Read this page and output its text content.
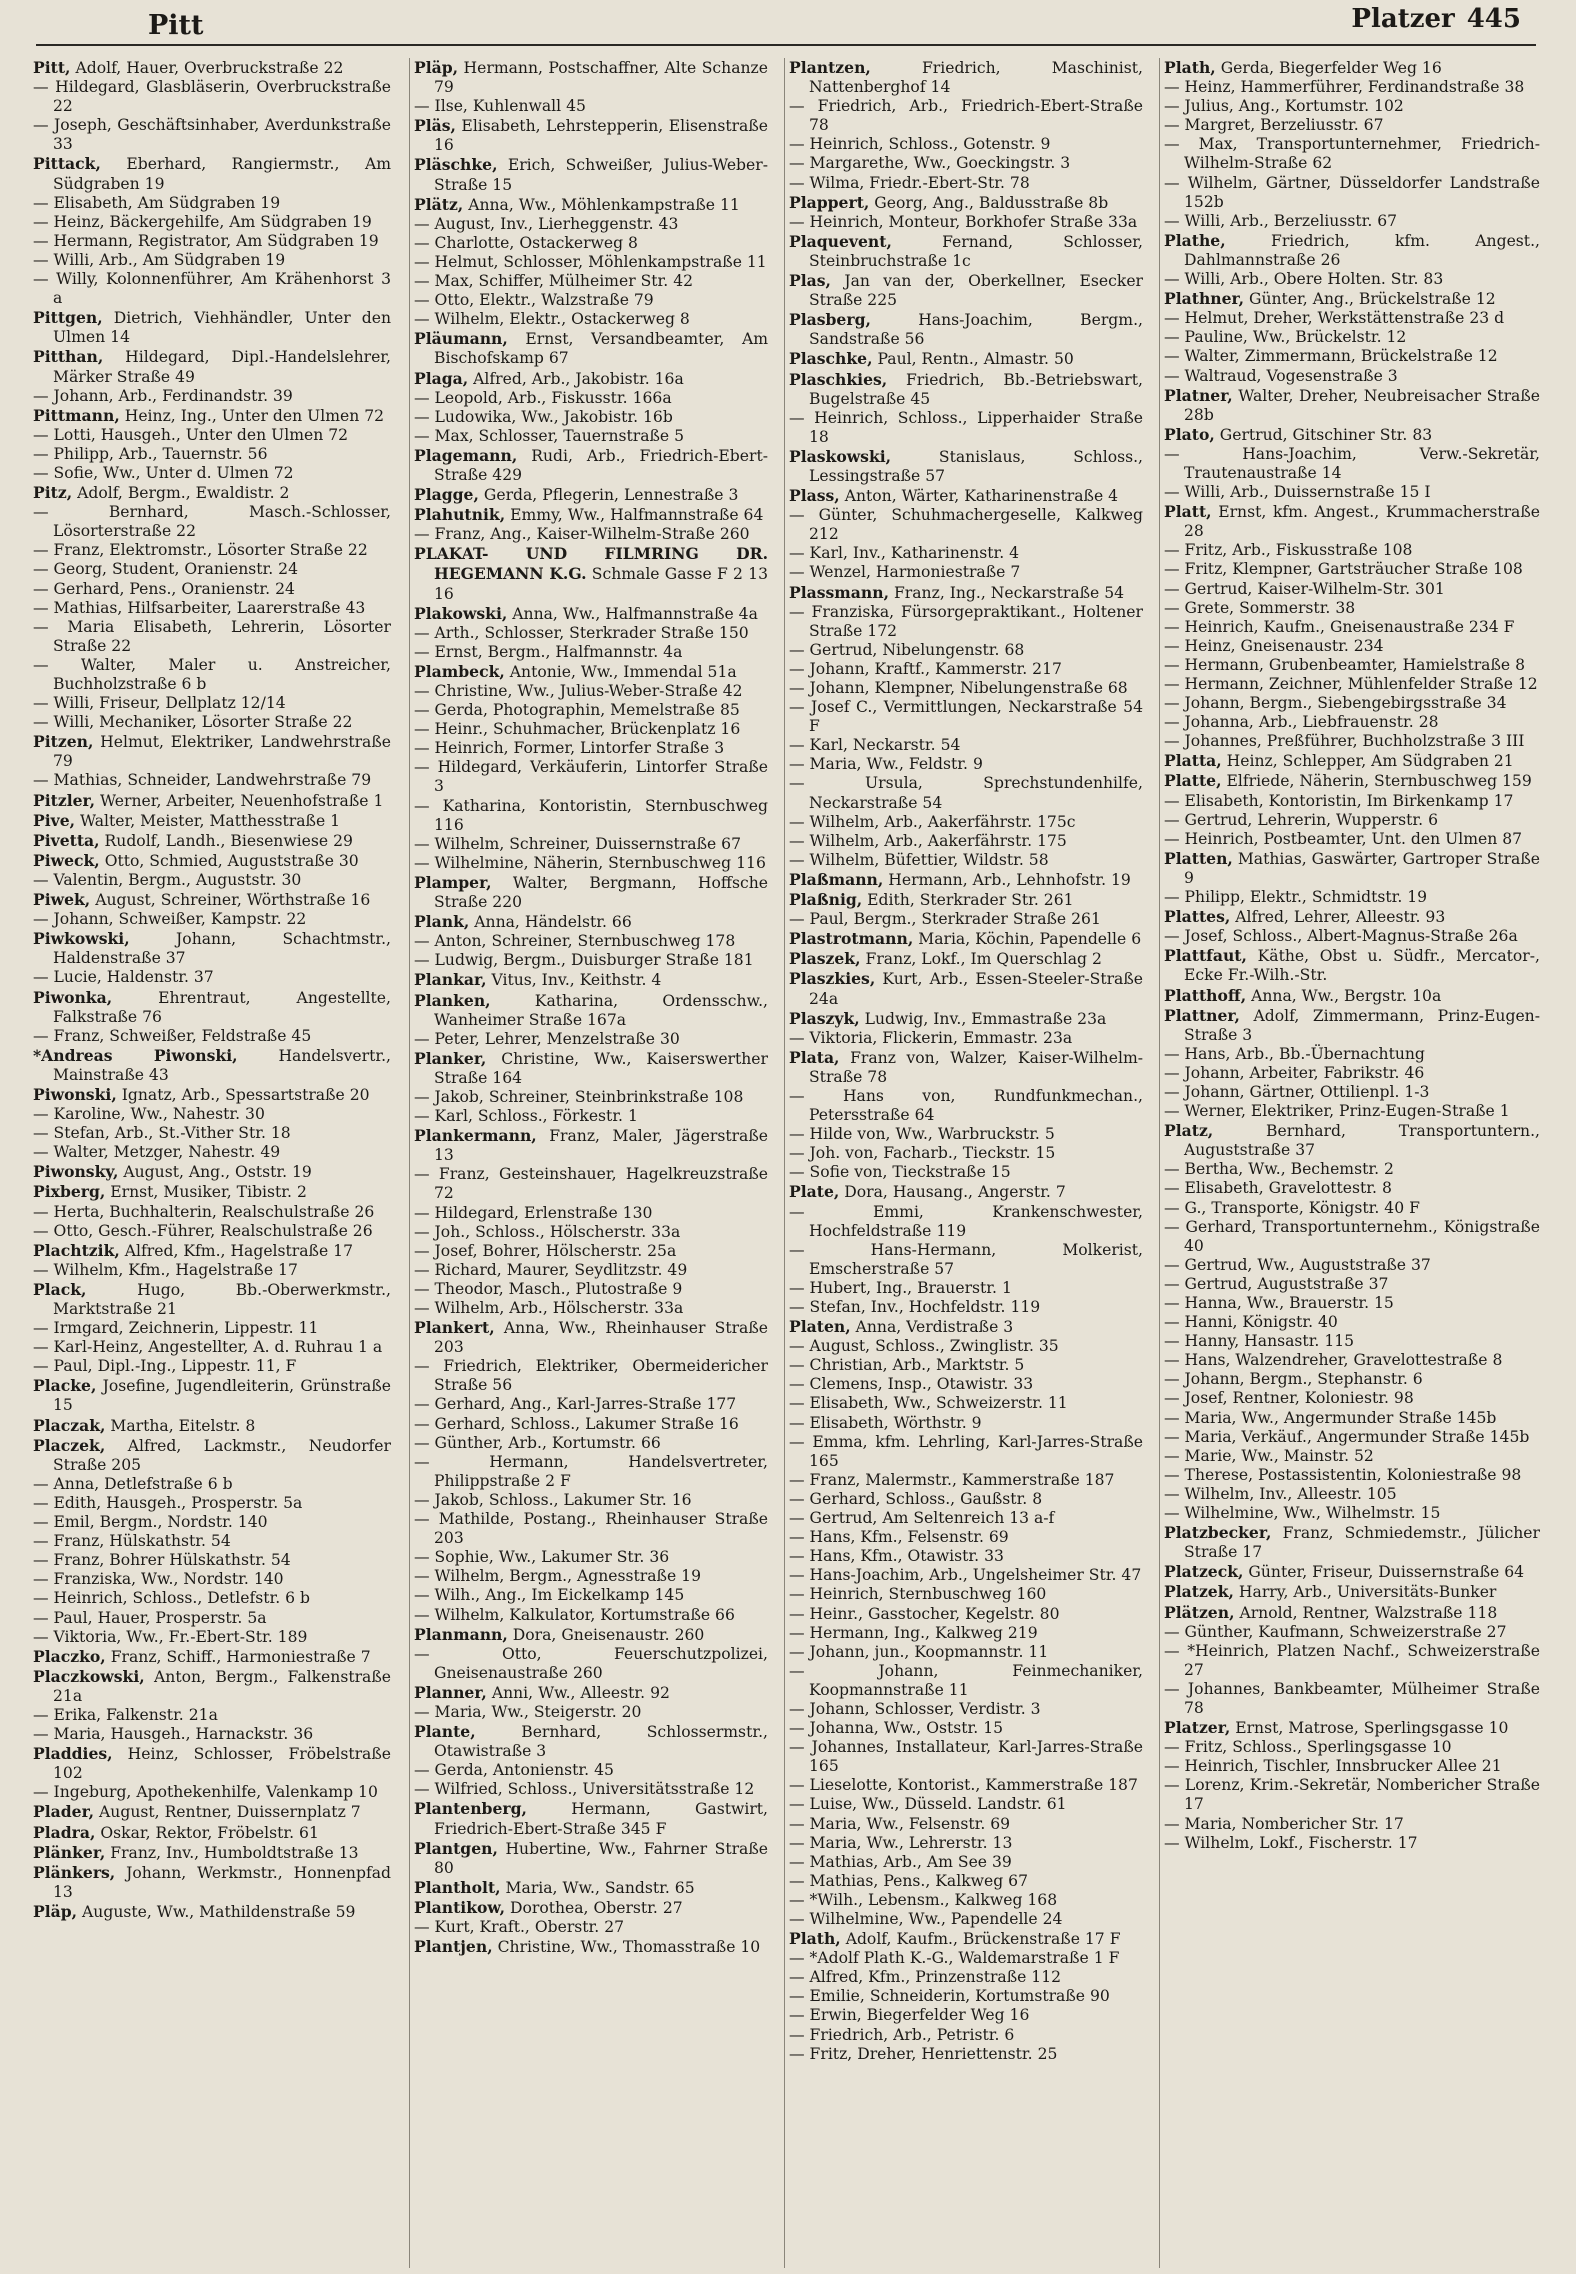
Pitt	Platzer 445

Pitt, Adolf, Hauer, Overbruckstraße 22

— Hildegard, Glasbläserin, Overbruckstraße 22

— Joseph, Geschäftsinhaber, Averdunkstraße 33

Pittack, Eberhard, Rangiermstr., Am Südgraben 19

— Elisabeth, Am Südgraben 19

— Heinz, Bäckergehilfe, Am Südgraben 19

— Hermann, Registrator, Am Südgraben 19

— Willi, Arb., Am Südgraben 19

— Willy, Kolonnenführer, Am Krähenhorst 3 a

Pittgen, Dietrich, Viehhändler, Unter den Ulmen 14

Pitthan, Hildegard, Dipl.-Handelslehrer, Märker Straße 49

— Johann, Arb., Ferdinandstr. 39

Pittmann, Heinz, Ing., Unter den Ulmen 72

— Lotti, Hausgeh., Unter den Ulmen 72

— Philipp, Arb., Tauernstr. 56

— Sofie, Ww., Unter d. Ulmen 72

Pitz, Adolf, Bergm., Ewaldistr. 2

— Bernhard, Masch.-Schlosser, Lösorterstraße 22

— Franz, Elektromstr., Lösorter Straße 22

— Georg, Student, Oranienstr. 24

— Gerhard, Pens., Oranienstr. 24

— Mathias, Hilfsarbeiter, Laarerstraße 43

— Maria Elisabeth, Lehrerin, Lösorter Straße 22

— Walter, Maler u. Anstreicher, Buchholzstraße 6 b

— Willi, Friseur, Dellplatz 12/14

— Willi, Mechaniker, Lösorter Straße 22

Pitzen, Helmut, Elektriker, Landwehrstraße 79

— Mathias, Schneider, Landwehrstraße 79

Pitzler, Werner, Arbeiter, Neuenhofstraße 1

Pive, Walter, Meister, Matthesstraße 1

Pivetta, Rudolf, Landh., Biesenwiese 29

Piweck, Otto, Schmied, Auguststraße 30

— Valentin, Bergm., Auguststr. 30

Piwek, August, Schreiner, Wörthstraße 16

— Johann, Schweißer, Kampstr. 22

Piwkowski, Johann, Schachtmstr., Haldenstraße 37

— Lucie, Haldenstr. 37

Piwonka, Ehrentraut, Angestellte, Falkstraße 76

— Franz, Schweißer, Feldstraße 45

*Andreas Piwonski, Handelsvertr., Mainstraße 43

Piwonski, Ignatz, Arb., Spessartstraße 20

— Karoline, Ww., Nahestr. 30

— Stefan, Arb., St.-Vither Str. 18

— Walter, Metzger, Nahestr. 49

Piwonsky, August, Ang., Oststr. 19

Pixberg, Ernst, Musiker, Tibistr. 2

— Herta, Buchhalterin, Realschulstraße 26

— Otto, Gesch.-Führer, Realschulstraße 26

Plachtzik, Alfred, Kfm., Hagelstraße 17

— Wilhelm, Kfm., Hagelstraße 17

Plack, Hugo, Bb.-Oberwerkmstr., Marktstraße 21

— Irmgard, Zeichnerin, Lippestr. 11

— Karl-Heinz, Angestellter, A. d. Ruhrau 1 a

— Paul, Dipl.-Ing., Lippestr. 11, F

Placke, Josefine, Jugendleiterin, Grünstraße 15

Placzak, Martha, Eitelstr. 8

Placzek, Alfred, Lackmstr., Neudorfer Straße 205

— Anna, Detlefstraße 6 b

— Edith, Hausgeh., Prosperstr. 5a

— Emil, Bergm., Nordstr. 140

— Franz, Hülskathstr. 54

— Franz, Bohrer Hülskathstr. 54

— Franziska, Ww., Nordstr. 140

— Heinrich, Schloss., Detlefstr. 6 b

— Paul, Hauer, Prosperstr. 5a

— Viktoria, Ww., Fr.-Ebert-Str. 189

Placzko, Franz, Schiff., Harmoniestraße 7

Placzkowski, Anton, Bergm., Falkenstraße 21a

— Erika, Falkenstr. 21a

— Maria, Hausgeh., Harnackstr. 36

Pladdies, Heinz, Schlosser, Fröbelstraße 102

— Ingeburg, Apothekenhilfe, Valenkamp 10

Plader, August, Rentner, Duissernplatz 7

Pladra, Oskar, Rektor, Fröbelstr. 61

Plänker, Franz, Inv., Humboldtstraße 13

Plänkers, Johann, Werkmstr., Honnenpfad 13

Pläp, Auguste, Ww., Mathildenstraße 59

Pläp, Hermann, Postschaffner, Alte Schanze 79

— Ilse, Kuhlenwall 45

Pläs, Elisabeth, Lehrstepperin, Elisenstraße 16

Pläschke, Erich, Schweißer, Julius-Weber-Straße 15

Plätz, Anna, Ww., Möhlenkampstraße 11

— August, Inv., Lierheggenstr. 43

— Charlotte, Ostackerweg 8

— Helmut, Schlosser, Möhlenkampstraße 11

— Max, Schiffer, Mülheimer Str. 42

— Otto, Elektr., Walzstraße 79

— Wilhelm, Elektr., Ostackerweg 8

Pläumann, Ernst, Versandbeamter, Am Bischofskamp 67

Plaga, Alfred, Arb., Jakobistr. 16a

— Leopold, Arb., Fiskusstr. 166a

— Ludowika, Ww., Jakobistr. 16b

— Max, Schlosser, Tauernstraße 5

Plagemann, Rudi, Arb., Friedrich-Ebert-Straße 429

Plagge, Gerda, Pflegerin, Lennestraße 3

Plahutnik, Emmy, Ww., Halfmannstraße 64

— Franz, Ang., Kaiser-Wilhelm-Straße 260

PLAKAT- UND FILMRING DR. HEGEMANN K.G. Schmale Gasse F 2 13 16

Plakowski, Anna, Ww., Halfmannstraße 4a

— Arth., Schlosser, Sterkrader Straße 150

— Ernst, Bergm., Halfmannstr. 4a

Plambeck, Antonie, Ww., Immendal 51a

— Christine, Ww., Julius-Weber-Straße 42

— Gerda, Photographin, Memelstraße 85

— Heinr., Schuhmacher, Brückenplatz 16

— Heinrich, Former, Lintorfer Straße 3

— Hildegard, Verkäuferin, Lintorfer Straße 3

— Katharina, Kontoristin, Sternbuschweg 116

— Wilhelm, Schreiner, Duissernstraße 67

— Wilhelmine, Näherin, Sternbuschweg 116

Plamper, Walter, Bergmann, Hoffsche Straße 220

Plank, Anna, Händelstr. 66

— Anton, Schreiner, Sternbuschweg 178

— Ludwig, Bergm., Duisburger Straße 181

Plankar, Vitus, Inv., Keithstr. 4

Planken, Katharina, Ordensschw., Wanheimer Straße 167a

— Peter, Lehrer, Menzelstraße 30

Planker, Christine, Ww., Kaiserswerther Straße 164

— Jakob, Schreiner, Steinbrinkstraße 108

— Karl, Schloss., Förkestr. 1

Plankermann, Franz, Maler, Jägerstraße 13

— Franz, Gesteinshauer, Hagelkreuzstraße 72

— Hildegard, Erlenstraße 130

— Joh., Schloss., Hölscherstr. 33a

— Josef, Bohrer, Hölscherstr. 25a

— Richard, Maurer, Seydlitzstr. 49

— Theodor, Masch., Plutostraße 9

— Wilhelm, Arb., Hölscherstr. 33a

Plankert, Anna, Ww., Rheinhauser Straße 203

— Friedrich, Elektriker, Obermeidericher Straße 56

— Gerhard, Ang., Karl-Jarres-Straße 177

— Gerhard, Schloss., Lakumer Straße 16

— Günther, Arb., Kortumstr. 66

— Hermann, Handelsvertreter, Philippstraße 2 F

— Jakob, Schloss., Lakumer Str. 16

— Mathilde, Postang., Rheinhauser Straße 203

— Sophie, Ww., Lakumer Str. 36

— Wilhelm, Bergm., Agnesstraße 19

— Wilh., Ang., Im Eickelkamp 145

— Wilhelm, Kalkulator, Kortumstraße 66

Planmann, Dora, Gneisenaustr. 260

— Otto, Feuerschutzpolizei, Gneisenaustraße 260

Planner, Anni, Ww., Alleestr. 92

— Maria, Ww., Steigerstr. 20

Plante, Bernhard, Schlossermstr., Otawistraße 3

— Gerda, Antonienstr. 45

— Wilfried, Schloss., Universitätsstraße 12

Plantenberg, Hermann, Gastwirt, Friedrich-Ebert-Straße 345 F

Plantgen, Hubertine, Ww., Fahrner Straße 80

Plantholt, Maria, Ww., Sandstr. 65

Plantikow, Dorothea, Oberstr. 27

— Kurt, Kraft., Oberstr. 27

Plantjen, Christine, Ww., Thomasstraße 10

Plantzen, Friedrich, Maschinist, Nattenberghof 14

— Friedrich, Arb., Friedrich-Ebert-Straße 78

— Heinrich, Schloss., Gotenstr. 9

— Margarethe, Ww., Goeckingstr. 3

— Wilma, Friedr.-Ebert-Str. 78

Plappert, Georg, Ang., Baldusstraße 8b

— Heinrich, Monteur, Borkhofer Straße 33a

Plaquevent, Fernand, Schlosser, Steinbruchstraße 1c

Plas, Jan van der, Oberkellner, Esecker Straße 225

Plasberg, Hans-Joachim, Bergm., Sandstraße 56

Plaschke, Paul, Rentn., Almastr. 50

Plaschkies, Friedrich, Bb.-Betriebswart, Bugelstraße 45

— Heinrich, Schloss., Lipperhaider Straße 18

Plaskowski, Stanislaus, Schloss., Lessingstraße 57

Plass, Anton, Wärter, Katharinenstraße 4

— Günter, Schuhmachergeselle, Kalkweg 212

— Karl, Inv., Katharinenstr. 4

— Wenzel, Harmoniestraße 7

Plassmann, Franz, Ing., Neckarstraße 54

— Franziska, Fürsorgepraktikant., Holtener Straße 172

— Gertrud, Nibelungenstr. 68

— Johann, Kraftf., Kammerstr. 217

— Johann, Klempner, Nibelungenstraße 68

— Josef C., Vermittlungen, Neckarstraße 54 F

— Karl, Neckarstr. 54

— Maria, Ww., Feldstr. 9

— Ursula, Sprechstundenhilfe, Neckarstraße 54

— Wilhelm, Arb., Aakerfährstr. 175c

— Wilhelm, Arb., Aakerfährstr. 175

— Wilhelm, Büfettier, Wildstr. 58

Plaßmann, Hermann, Arb., Lehnhofstr. 19

Plaßnig, Edith, Sterkrader Str. 261

— Paul, Bergm., Sterkrader Straße 261

Plastrotmann, Maria, Köchin, Papendelle 6

Plaszek, Franz, Lokf., Im Querschlag 2

Plaszkies, Kurt, Arb., Essen-Steeler-Straße 24a

Plaszyk, Ludwig, Inv., Emmastraße 23a

— Viktoria, Flickerin, Emmastr. 23a

Plata, Franz von, Walzer, Kaiser-Wilhelm-Straße 78

— Hans von, Rundfunkmechan., Petersstraße 64

— Hilde von, Ww., Warbruckstr. 5

— Joh. von, Facharb., Tieckstr. 15

— Sofie von, Tieckstraße 15

Plate, Dora, Hausang., Angerstr. 7

— Emmi, Krankenschwester, Hochfeldstraße 119

— Hans-Hermann, Molkerist, Emscherstraße 57

— Hubert, Ing., Brauerstr. 1

— Stefan, Inv., Hochfeldstr. 119

Platen, Anna, Verdistraße 3

— August, Schloss., Zwinglistr. 35

— Christian, Arb., Marktstr. 5

— Clemens, Insp., Otawistr. 33

— Elisabeth, Ww., Schweizerstr. 11

— Elisabeth, Wörthstr. 9

— Emma, kfm. Lehrling, Karl-Jarres-Straße 165

— Franz, Malermstr., Kammerstraße 187

— Gerhard, Schloss., Gaußstr. 8

— Gertrud, Am Seltenreich 13 a-f

— Hans, Kfm., Felsenstr. 69

— Hans, Kfm., Otawistr. 33

— Hans-Joachim, Arb., Ungelsheimer Str. 47

— Heinrich, Sternbuschweg 160

— Heinr., Gasstocher, Kegelstr. 80

— Hermann, Ing., Kalkweg 219

— Johann, jun., Koopmannstr. 11

— Johann, Feinmechaniker, Koopmannstraße 11

— Johann, Schlosser, Verdistr. 3

— Johanna, Ww., Oststr. 15

— Johannes, Installateur, Karl-Jarres-Straße 165

— Lieselotte, Kontorist., Kammerstraße 187

— Luise, Ww., Düsseld. Landstr. 61

— Maria, Ww., Felsenstr. 69

— Maria, Ww., Lehrerstr. 13

— Mathias, Arb., Am See 39

— Mathias, Pens., Kalkweg 67

— *Wilh., Lebensm., Kalkweg 168

— Wilhelmine, Ww., Papendelle 24

Plath, Adolf, Kaufm., Brückenstraße 17 F

— *Adolf Plath K.-G., Waldemarstraße 1 F

— Alfred, Kfm., Prinzenstraße 112

— Emilie, Schneiderin, Kortumstraße 90

— Erwin, Biegerfelder Weg 16

— Friedrich, Arb., Petristr. 6

— Fritz, Dreher, Henriettenstr. 25

Plath, Gerda, Biegerfelder Weg 16

— Heinz, Hammerführer, Ferdinandstraße 38

— Julius, Ang., Kortumstr. 102

— Margret, Berzeliusstr. 67

— Max, Transportunternehmer, Friedrich-Wilhelm-Straße 62

— Wilhelm, Gärtner, Düsseldorfer Landstraße 152b

— Willi, Arb., Berzeliusstr. 67

Plathe, Friedrich, kfm. Angest., Dahlmannstraße 26

— Willi, Arb., Obere Holten. Str. 83

Plathner, Günter, Ang., Brückelstraße 12

— Helmut, Dreher, Werkstättenstraße 23 d

— Pauline, Ww., Brückelstr. 12

— Walter, Zimmermann, Brückelstraße 12

— Waltraud, Vogesenstraße 3

Platner, Walter, Dreher, Neubreisacher Straße 28b

Plato, Gertrud, Gitschiner Str. 83

— Hans-Joachim, Verw.-Sekretär, Trautenaustraße 14

— Willi, Arb., Duissernstraße 15 I

Platt, Ernst, kfm. Angest., Krummacherstraße 28

— Fritz, Arb., Fiskusstraße 108

— Fritz, Klempner, Gartsträucher Straße 108

— Gertrud, Kaiser-Wilhelm-Str. 301

— Grete, Sommerstr. 38

— Heinrich, Kaufm., Gneisenaustraße 234 F

— Heinz, Gneisenaustr. 234

— Hermann, Grubenbeamter, Hamielstraße 8

— Hermann, Zeichner, Mühlenfelder Straße 12

— Johann, Bergm., Siebengebirgsstraße 34

— Johanna, Arb., Liebfrauenstr. 28

— Johannes, Preßführer, Buchholzstraße 3 III

Platta, Heinz, Schlepper, Am Südgraben 21

Platte, Elfriede, Näherin, Sternbuschweg 159

— Elisabeth, Kontoristin, Im Birkenkamp 17

— Gertrud, Lehrerin, Wupperstr. 6

— Heinrich, Postbeamter, Unt. den Ulmen 87

Platten, Mathias, Gaswärter, Gartroper Straße 9

— Philipp, Elektr., Schmidtstr. 19

Plattes, Alfred, Lehrer, Alleestr. 93

— Josef, Schloss., Albert-Magnus-Straße 26a

Plattfaut, Käthe, Obst u. Südfr., Mercator-, Ecke Fr.-Wilh.-Str.

Platthoff, Anna, Ww., Bergstr. 10a

Plattner, Adolf, Zimmermann, Prinz-Eugen-Straße 3

— Hans, Arb., Bb.-Übernachtung

— Johann, Arbeiter, Fabrikstr. 46

— Johann, Gärtner, Ottilienpl. 1-3

— Werner, Elektriker, Prinz-Eugen-Straße 1

Platz, Bernhard, Transportuntern., Auguststraße 37

— Bertha, Ww., Bechemstr. 2

— Elisabeth, Gravelottestr. 8

— G., Transporte, Königstr. 40 F

— Gerhard, Transportunternehm., Königstraße 40

— Gertrud, Ww., Auguststraße 37

— Gertrud, Auguststraße 37

— Hanna, Ww., Brauerstr. 15

— Hanni, Königstr. 40

— Hanny, Hansastr. 115

— Hans, Walzendreher, Gravelottestraße 8

— Johann, Bergm., Stephanstr. 6

— Josef, Rentner, Koloniestr. 98

— Maria, Ww., Angermunder Straße 145b

— Maria, Verkäuf., Angermunder Straße 145b

— Marie, Ww., Mainstr. 52

— Therese, Postassistentin, Koloniestraße 98

— Wilhelm, Inv., Alleestr. 105

— Wilhelmine, Ww., Wilhelmstr. 15

Platzbecker, Franz, Schmiedemstr., Jülicher Straße 17

Platzeck, Günter, Friseur, Duissernstraße 64

Platzek, Harry, Arb., Universitäts-Bunker

Plätzen, Arnold, Rentner, Walzstraße 118

— Günther, Kaufmann, Schweizerstraße 27

— *Heinrich, Platzen Nachf., Schweizerstraße 27

— Johannes, Bankbeamter, Mülheimer Straße 78

Platzer, Ernst, Matrose, Sperlingsgasse 10

— Fritz, Schloss., Sperlingsgasse 10

— Heinrich, Tischler, Innsbrucker Allee 21

— Lorenz, Krim.-Sekretär, Nombericher Straße 17

— Maria, Nombericher Str. 17

— Wilhelm, Lokf., Fischerstr. 17
